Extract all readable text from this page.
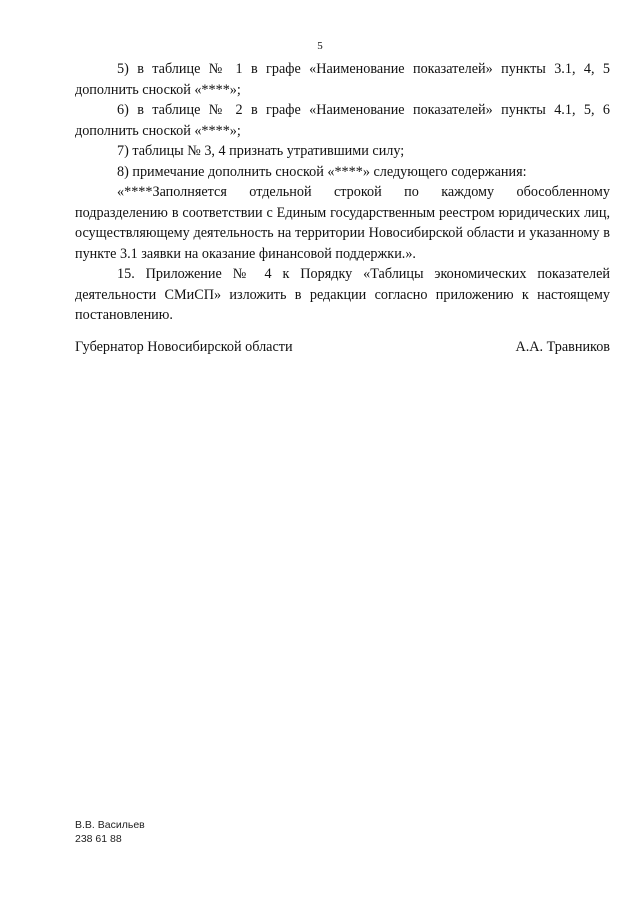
5

5) в таблице № 1 в графе «Наименование показателей» пункты 3.1, 4, 5 дополнить сноской «****»;

6) в таблице № 2 в графе «Наименование показателей» пункты 4.1, 5, 6 дополнить сноской «****»;

7) таблицы № 3, 4 признать утратившими силу;

8) примечание дополнить сноской «****» следующего содержания:

«****Заполняется отдельной строкой по каждому обособленному подразделению в соответствии с Единым государственным реестром юридических лиц, осуществляющему деятельность на территории Новосибирской области и указанному в пункте 3.1 заявки на оказание финансовой поддержки.».

15. Приложение № 4 к Порядку «Таблицы экономических показателей деятельности СМиСП» изложить в редакции согласно приложению к настоящему постановлению.

Губернатор Новосибирской области	А.А. Травников
В.В. Васильев
238 61 88
